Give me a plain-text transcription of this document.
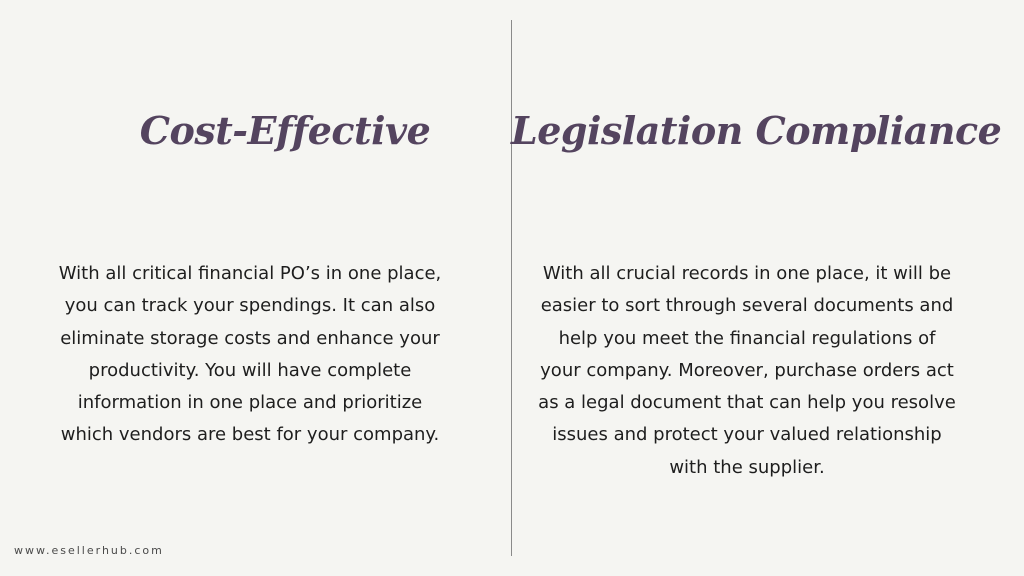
Cost-Effective	Legislation Compliance

With all critical financial PO’s in one place,
you can track your spendings. It can also
eliminate storage costs and enhance your
productivity. You will have complete
information in one place and prioritize
which vendors are best for your company.

With all crucial records in one place, it will be
easier to sort through several documents and
help you meet the financial regulations of
your company. Moreover, purchase orders act
as a legal document that can help you resolve
issues and protect your valued relationship
with the supplier.

www.esellerhub.com
